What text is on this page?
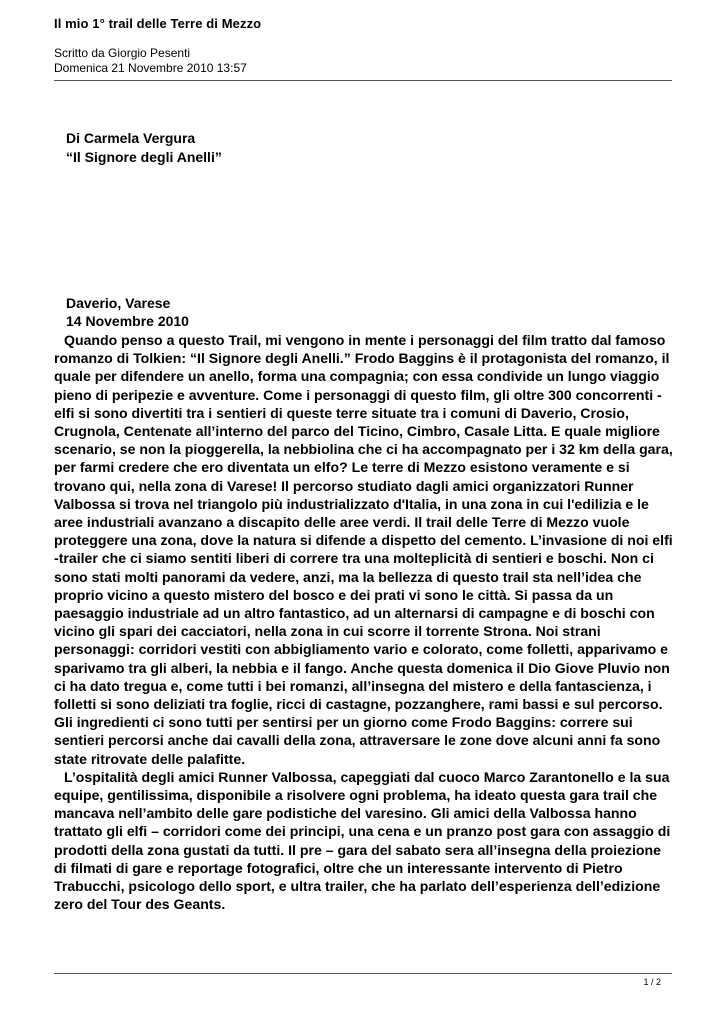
Il mio 1° trail delle Terre di Mezzo
Scritto da Giorgio Pesenti
Domenica 21 Novembre 2010 13:57
Di Carmela Vergura
“Il Signore degli Anelli”
Daverio, Varese
14 Novembre 2010

Quando penso a questo Trail, mi vengono in mente i personaggi del film tratto dal famoso romanzo di Tolkien: “Il Signore degli Anelli.” Frodo Baggins è il protagonista del romanzo, il quale per difendere un anello, forma una compagnia; con essa condivide un lungo viaggio pieno di peripezie e avventure. Come i personaggi di questo film, gli oltre 300 concorrenti - elfi si sono divertiti tra i sentieri di queste terre situate tra i comuni di Daverio, Crosio, Crugnola, Centenate all’interno del parco del Ticino, Cimbro, Casale Litta. E quale migliore scenario, se non la pioggerella, la nebbiolina che ci ha accompagnato per i 32 km della gara, per farmi credere che ero diventata un elfo? Le terre di Mezzo esistono veramente e si trovano qui, nella zona di Varese! Il percorso studiato dagli amici organizzatori Runner Valbossa si trova nel triangolo più industrializzato d'Italia, in una zona in cui l'edilizia e le aree industriali avanzano a discapito delle aree verdi. Il trail delle Terre di Mezzo vuole proteggere una zona, dove la natura si difende a dispetto del cemento. L’invasione di noi elfi -trailer che ci siamo sentiti liberi di correre tra una molteplicità di sentieri e boschi. Non ci sono stati molti panorami da vedere, anzi, ma la bellezza di questo trail sta nell’idea che proprio vicino a questo mistero del bosco e dei prati vi sono le città. Si passa da un paesaggio industriale ad un altro fantastico, ad un alternarsi di campagne e di boschi con vicino gli spari dei cacciatori, nella zona in cui scorre il torrente Strona. Noi strani personaggi: corridori vestiti con abbigliamento vario e colorato, come folletti, apparivamo e sparivamo tra gli alberi, la nebbia e il fango. Anche questa domenica il Dio Giove Pluvio non ci ha dato tregua e, come tutti i bei romanzi, all’insegna del mistero e della fantascienza, i folletti si sono deliziati tra foglie, ricci di castagne, pozzanghere, rami bassi e sul percorso. Gli ingredienti ci sono tutti per sentirsi per un giorno come Frodo Baggins: correre sui sentieri percorsi anche dai cavalli della zona, attraversare le zone dove alcuni anni fa sono state ritrovate delle palafitte.

L’ospitalità degli amici Runner Valbossa, capeggiati dal cuoco Marco Zarantonello e la sua equipe, gentilissima, disponibile a risolvere ogni problema, ha ideato questa gara trail che mancava nell’ambito delle gare podistiche del varesino. Gli amici della Valbossa hanno trattato gli elfi – corridori come dei principi, una cena e un pranzo post gara con assaggio di prodotti della zona gustati da tutti. Il pre – gara del sabato sera all’insegna della proiezione di filmati di gare e reportage fotografici, oltre che un interessante intervento di Pietro Trabucchi, psicologo dello sport, e ultra trailer, che ha parlato dell’esperienza dell’edizione zero del Tour des Geants.

1 / 2
